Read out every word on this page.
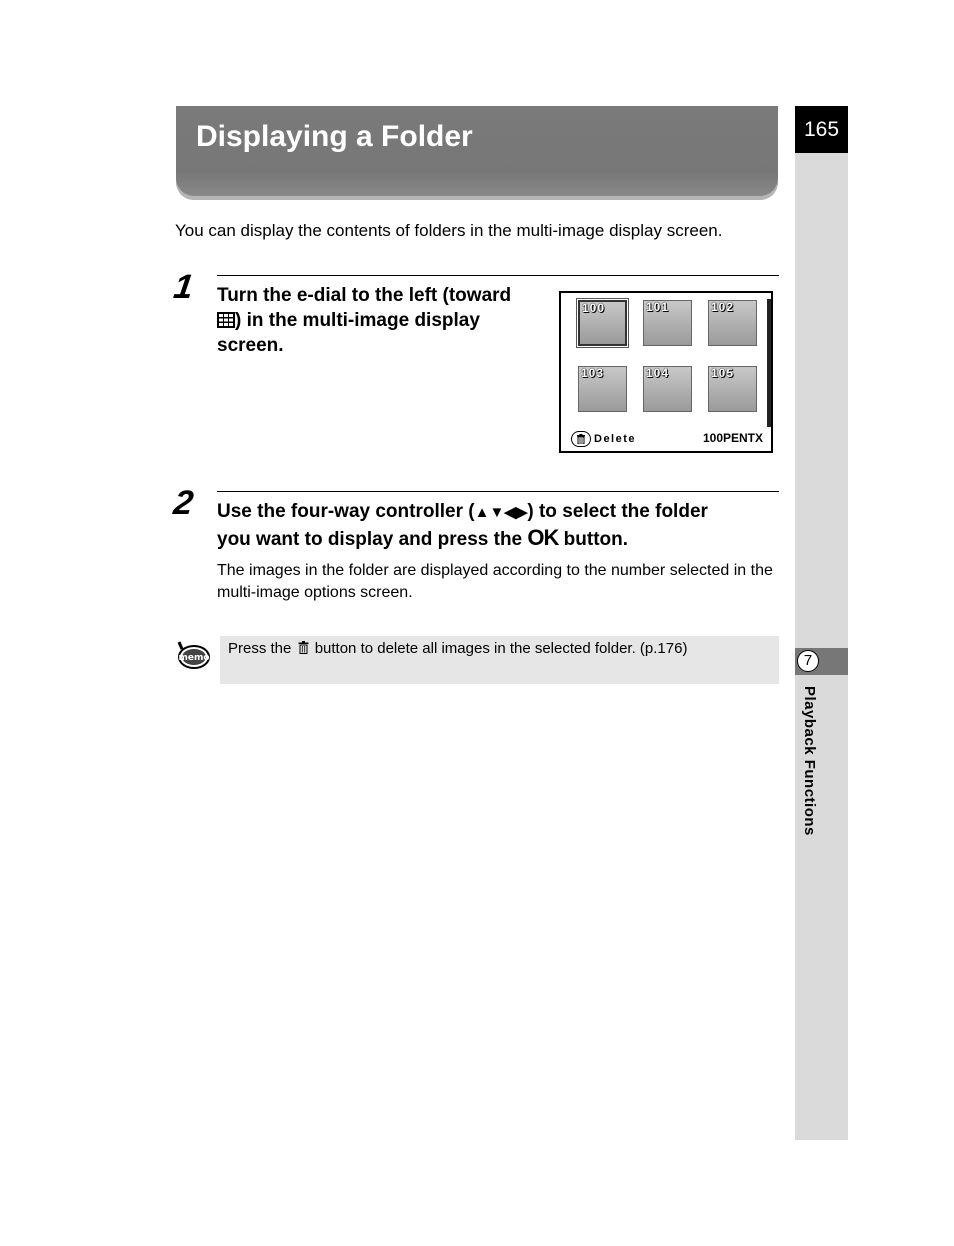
Displaying a Folder	165
7
Playback Functions

You can display the contents of folders in the multi-image display screen.

1 Turn the e-dial to the left (toward
) in the multi-image display
screen.
100	101	102
103	104	105
Delete	100PENTX
2 Use the four-way controller (▲▼◀▶) to select the folder
you want to display and press the OK button.

The images in the folder are displayed according to the number selected in the multi-image options screen.

memo

Press the  button to delete all images in the selected folder. (p.176)
